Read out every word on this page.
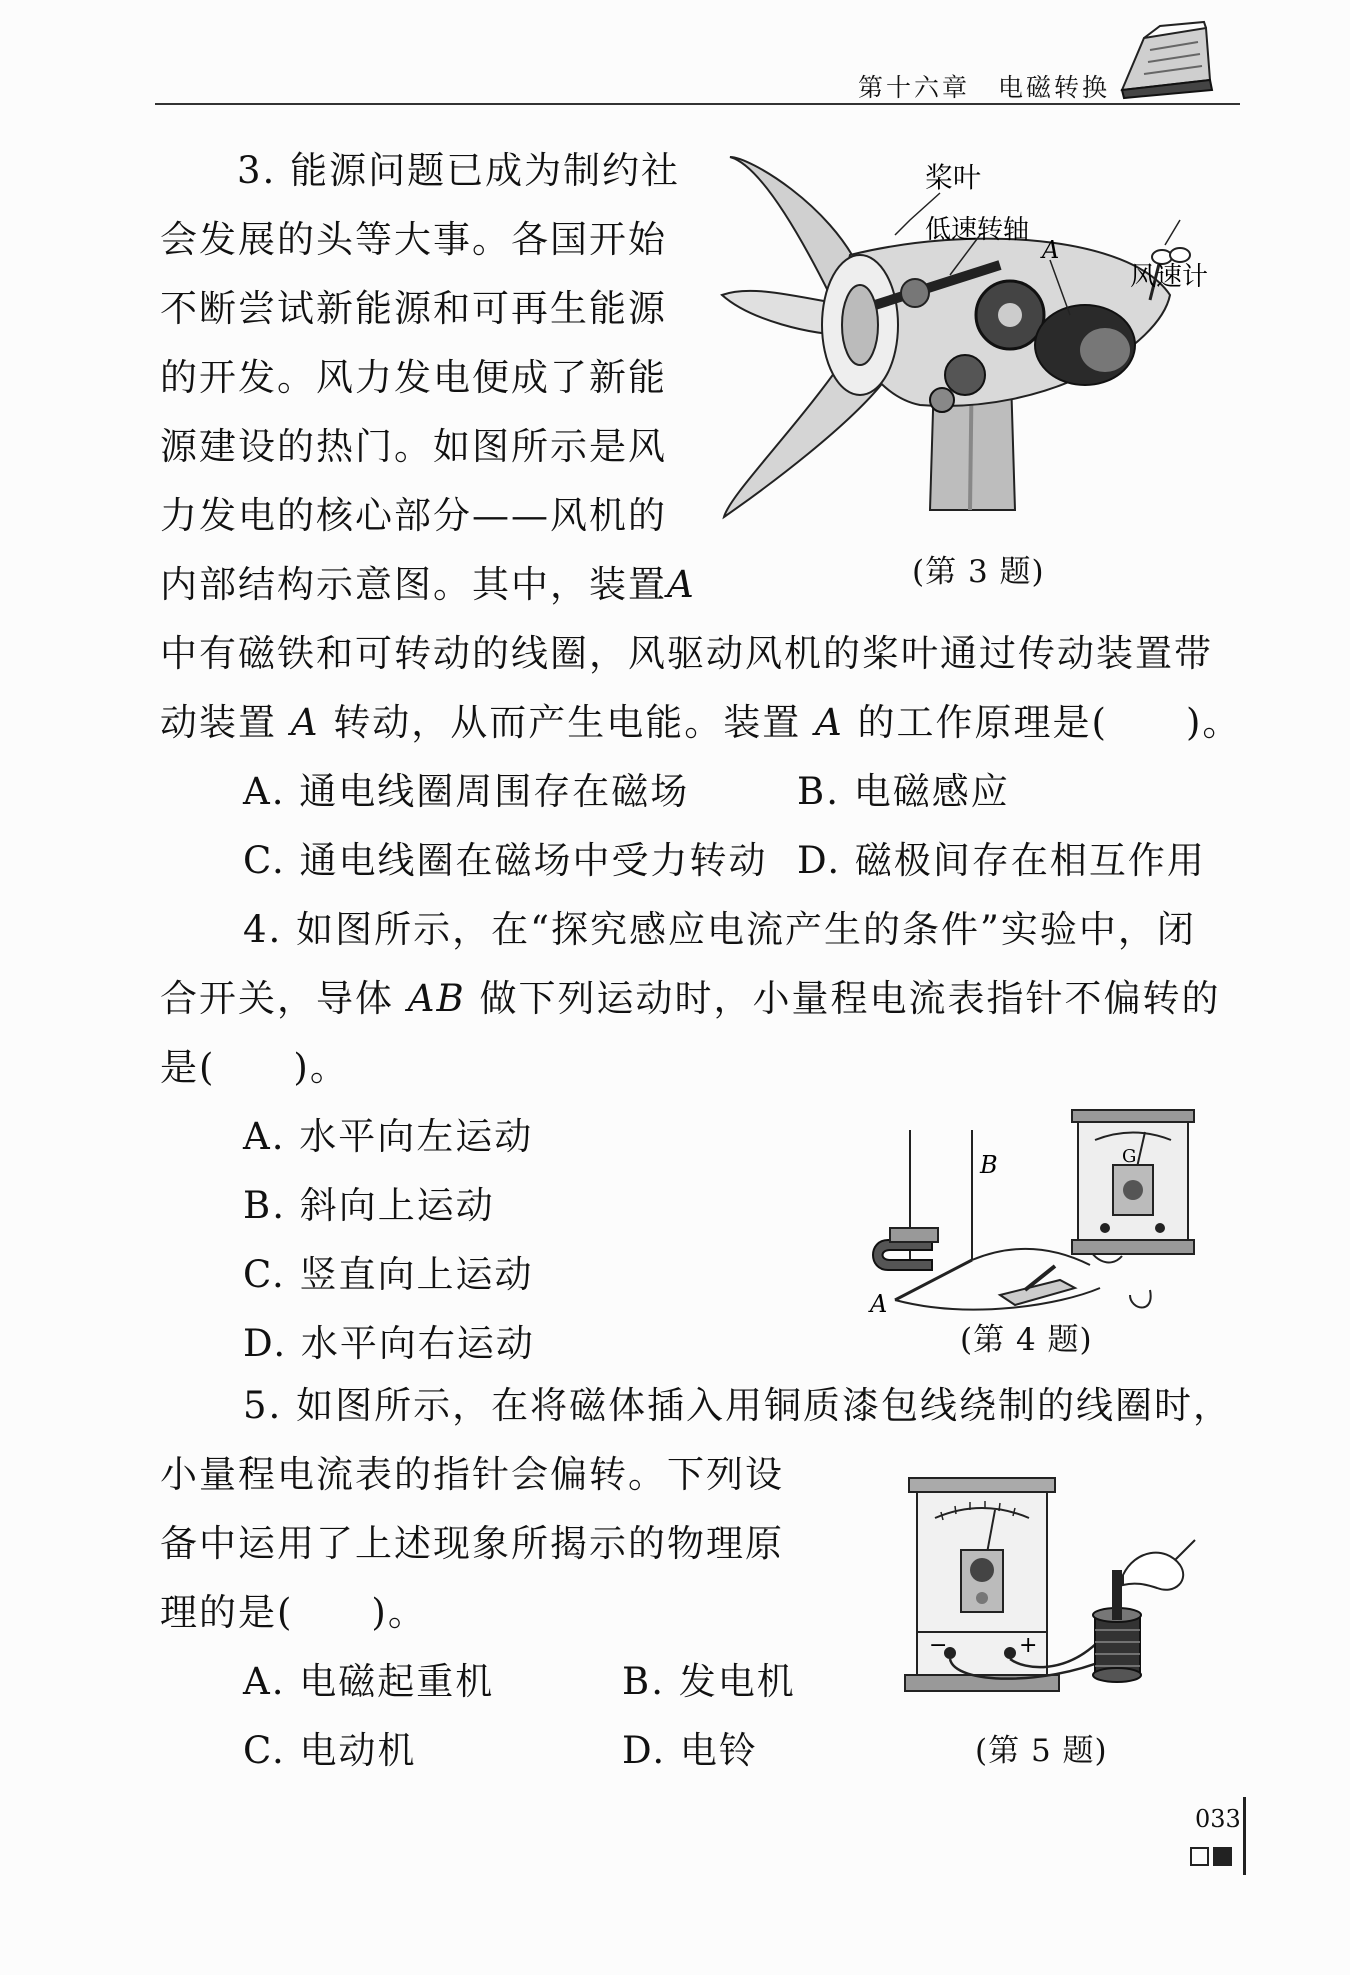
第十六章　电磁转换
3. 能源问题已成为制约社
会发展的头等大事。各国开始
不断尝试新能源和可再生能源
的开发。风力发电便成了新能
源建设的热门。如图所示是风
力发电的核心部分——风机的
内部结构示意图。其中，装置A
中有磁铁和可转动的线圈，风驱动风机的桨叶通过传动装置带
动装置 A 转动，从而产生电能。装置 A 的工作原理是(　　)。
A. 通电线圈周围存在磁场	B. 电磁感应
C. 通电线圈在磁场中受力转动 D. 磁极间存在相互作用
桨叶
低速转轴
A
风速计
(第 3 题)
4. 如图所示，在“探究感应电流产生的条件”实验中，闭
合开关，导体 AB 做下列运动时，小量程电流表指针不偏转的
是(　　)。
A. 水平向左运动
B. 斜向上运动
C. 竖直向上运动
D. 水平向右运动
B
A
G
(第 4 题)
5. 如图所示，在将磁体插入用铜质漆包线绕制的线圈时，
小量程电流表的指针会偏转。下列设
备中运用了上述现象所揭示的物理原
理的是(　　)。
A. 电磁起重机	B. 发电机
C. 电动机	D. 电铃
−	+
(第 5 题)
033
